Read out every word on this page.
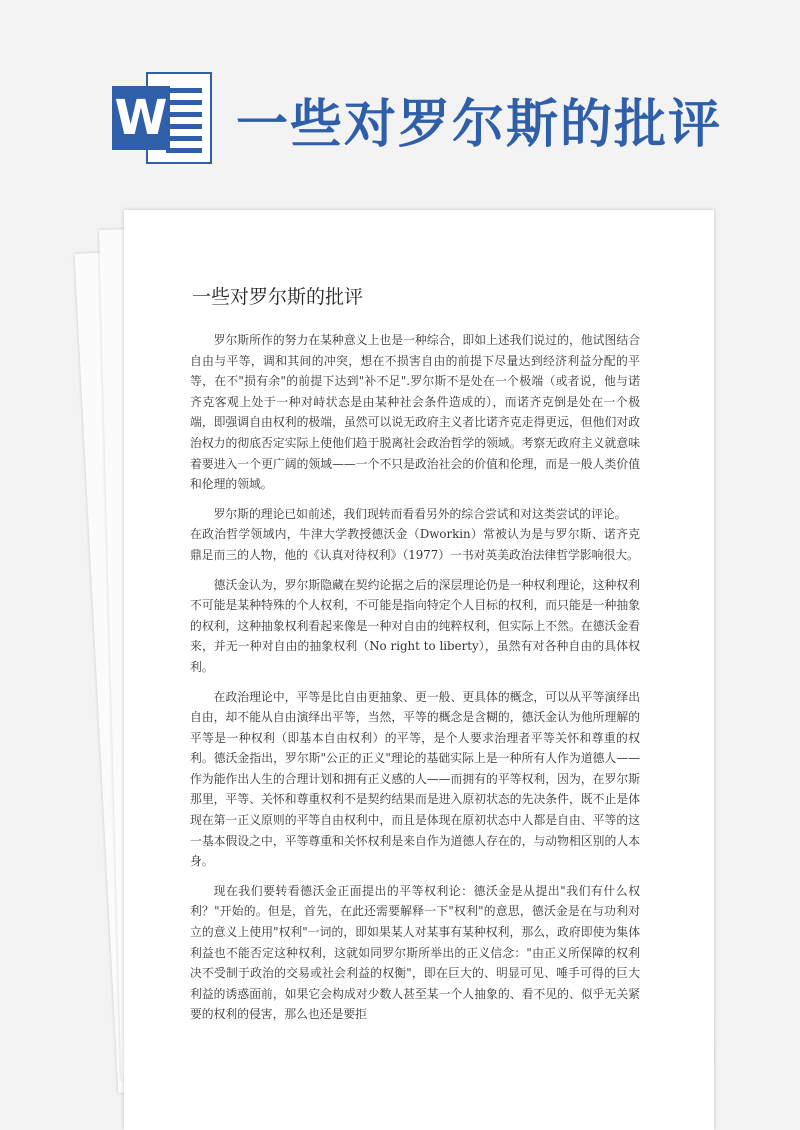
W 一些对罗尔斯的批评
一些对罗尔斯的批评

罗尔斯所作的努力在某种意义上也是一种综合，即如上述我们说过的，他试图结合自由与平等，调和其间的冲突，想在不损害自由的前提下尽量达到经济利益分配的平等，在不"损有余"的前提下达到"补不足".罗尔斯不是处在一个极端（或者说，他与诺齐克客观上处于一种对峙状态是由某种社会条件造成的），而诺齐克倒是处在一个极端，即强调自由权利的极端，虽然可以说无政府主义者比诺齐克走得更远，但他们对政治权力的彻底否定实际上使他们趋于脱离社会政治哲学的领域。考察无政府主义就意味着要进入一个更广阔的领域——一个不只是政治社会的价值和伦理，而是一般人类价值和伦理的领域。

罗尔斯的理论已如前述，我们现转而看看另外的综合尝试和对这类尝试的评论。

在政治哲学领域内，牛津大学教授德沃金（Dworkin）常被认为是与罗尔斯、诺齐克鼎足而三的人物，他的《认真对待权利》（1977）一书对英美政治法律哲学影响很大。

德沃金认为，罗尔斯隐藏在契约论据之后的深层理论仍是一种权利理论，这种权利不可能是某种特殊的个人权利，不可能是指向特定个人目标的权利，而只能是一种抽象的权利，这种抽象权利看起来像是一种对自由的纯粹权利，但实际上不然。在德沃金看来，并无一种对自由的抽象权利（No right to liberty），虽然有对各种自由的具体权利。

在政治理论中，平等是比自由更抽象、更一般、更具体的概念，可以从平等演绎出自由，却不能从自由演绎出平等，当然，平等的概念是含糊的，德沃金认为他所理解的平等是一种权利（即基本自由权利）的平等，是个人要求治理者平等关怀和尊重的权利。德沃金指出，罗尔斯"公正的正义"理论的基础实际上是一种所有人作为道德人——作为能作出人生的合理计划和拥有正义感的人——而拥有的平等权利，因为，在罗尔斯那里，平等、关怀和尊重权利不是契约结果而是进入原初状态的先决条件，既不止是体现在第一正义原则的平等自由权利中，而且是体现在原初状态中人都是自由、平等的这一基本假设之中，平等尊重和关怀权利是来自作为道德人存在的，与动物相区别的人本身。

现在我们要转看德沃金正面提出的平等权利论：德沃金是从提出"我们有什么权利？"开始的。但是，首先，在此还需要解释一下"权利"的意思，德沃金是在与功利对立的意义上使用"权利"一词的，即如果某人对某事有某种权利，那么，政府即使为集体利益也不能否定这种权利，这就如同罗尔斯所举出的正义信念："由正义所保障的权利决不受制于政治的交易或社会利益的权衡"，即在巨大的、明显可见、唾手可得的巨大利益的诱惑面前，如果它会构成对少数人甚至某一个人抽象的、看不见的、似乎无关紧要的权利的侵害，那么也还是要拒
